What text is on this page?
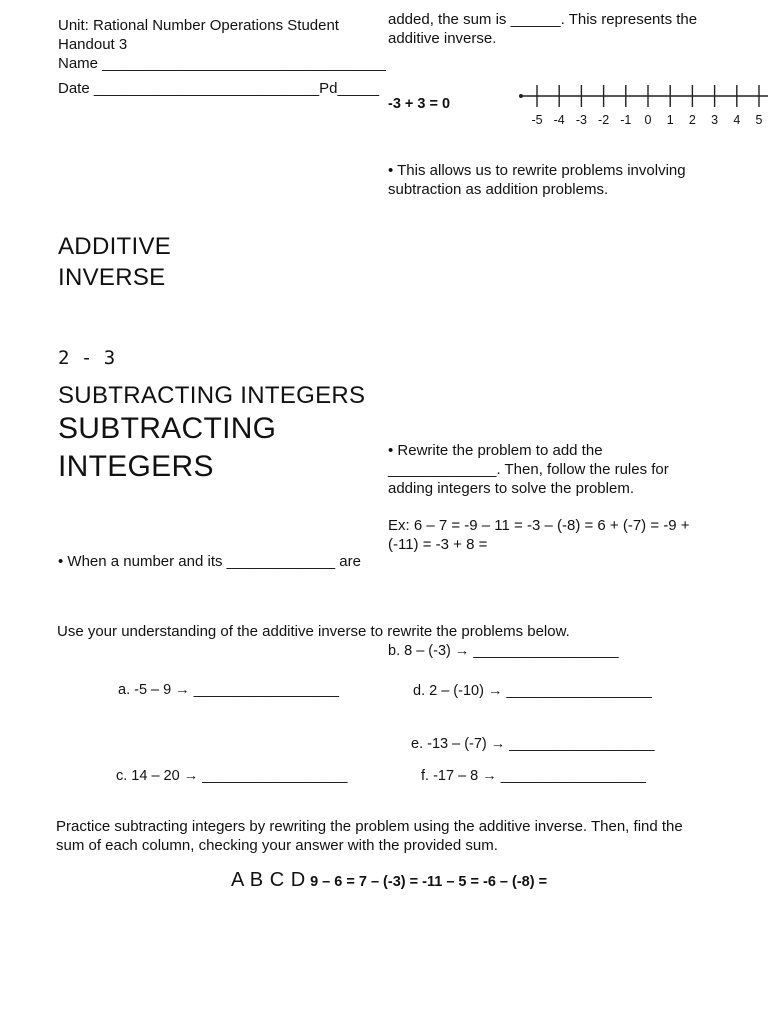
Unit: Rational Number Operations Student
Handout 3
Name __________________________________
Date ___________________________Pd_____
added, the sum is ______. This represents the
additive inverse.
-3 + 3 = 0
-5 -4 -3 -2 -1 0 1 2 3 4 5
• This allows us to rewrite problems involving
subtraction as addition problems.
ADDITIVE
INVERSE
2 - 3
SUBTRACTING INTEGERS
SUBTRACTING
INTEGERS	• Rewrite the problem to add the
_____________. Then, follow the rules for
adding integers to solve the problem.
Ex: 6 – 7 = -9 – 11 = -3 – (-8) = 6 + (-7) = -9 +
(-11) = -3 + 8 =
• When a number and its _____________ are
Use your understanding of the additive inverse to rewrite the problems below.
b. 8 – (-3) → __________________
a. -5 – 9 → __________________	d. 2 – (-10) → __________________
e. -13 – (-7) → __________________
c. 14 – 20 → __________________	f. -17 – 8 → __________________
Practice subtracting integers by rewriting the problem using the additive inverse. Then, find the
sum of each column, checking your answer with the provided sum.
A B C D 9 – 6 = 7 – (-3) = -11 – 5 = -6 – (-8) =
